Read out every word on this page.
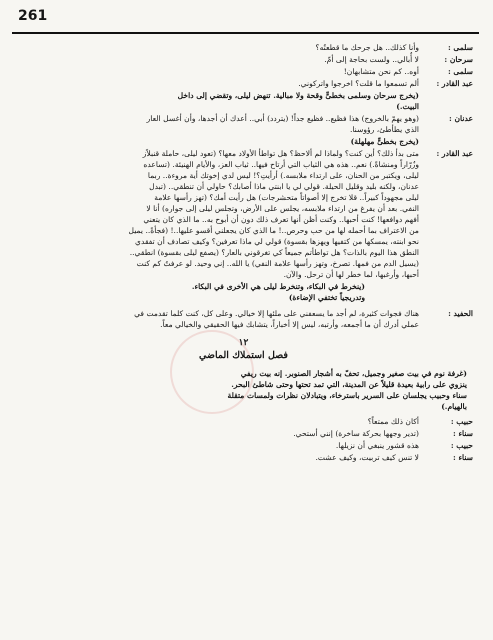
261
سلمى :

وأنا كذلك.. هل جرحك ما قطعتُه؟

سرحان :

لا أُبالي.. ولست بحاجة إلى أمّ.

سلمى :

أوه.. كم نحن متشابهان!

عبد القادر :

ألم تسمعوا ما قلت؟ اخرجوا واتركوني.

(يخرج سرحان وسلمى بخطىٍّ وقحة ولا مبالية. تنهض ليلى، وتقضي إلى داخل

البيت.)

عدنان :

(وهو يهمّ بالخروج) هذا فظيع.. فظيع جداً! (يتردد) أبي.. أعدك أن أجدها، وأن أغسل العار

الذي يطأطئ، رؤوسنا.

(يخرج بخطىٍّ مهلهلة)
عبد القادر :

متى بدأ ذلك؟ أين كنت؟ ولماذا لم ألاحظ؟ هل تواطأ الأولاد معها؟ (تعود ليلى، حاملة قنبلاًز

وزُرّاراً ومنشاةً.) نعم.. هذه هي الثياب التي أرتاح فيها.. ثياب العز، والأيام الهنيئة. (تساعده

ليلى، ويكتبر من الحنان، على ارتداء ملابسه.) أرأيتِ؟! ليس لدي إخوتك أية مروءة.. ربما

عدنان، ولكنه بليد وقليل الحيلة. قولي لي يا ابنتي ماذا أصابك؟ حاولي أن تنطقي.. (تبدل

ليلى مجهوداً كبيراً.. قلا تخرج إلا أصواتاً متحشرجات) هل رأيت أمك؟ (تهز رأسها علامة

النفي. بعد أن يفرغ من ارتداء ملابسه، يجلس على الأرض، وتجلس ليلى إلى جواره) أنا لا

أفهم دوافعها! كنت أحبها.. وكنت أظن أنها تعرف ذلك دون أن أبوح به.. ما الذي كان يتعني

من الاعتراف بما أحمله لها من حب وحرص..! ما الذي كان يجعلني أقسو عليها..! (فجأةً.. يميل

نحو ابنته، يمسكها من كتفيها ويهزها بقسوة) قولي لي ماذا تعرفين؟ وكيف تصادف أن تفقدي

النطق هذا اليوم بالذات؟ هل تواطأتم جميعاً كي تغرقوني بالعار؟ (يصفع ليلى بقسوة) انطقي..

(يسيل الدم من فمها. تصرخ، وتهز رأسها علامة النفي) يا الله.. إني وحيد. لو عرفتُ كم كنت

أحبها، وأرغبها، لما خطر لها أن ترحل. والآن.

(ينخرط في البكاء، وتنخرط ليلى هي الأخرى في البكاء.

وتدريجياً تختفي الإضاءة)

الحفيد :

هناك فجوات كثيرة، لم أجد ما يسعفني على ملئها إلا خيالي. وعلى كل، كنت كلما تقدمت في

عملي أدرك أن ما أجمعه، وأرتبه، ليس إلا أخباراً، يتشابك فيها الحقيقي والخيالي معاً.

١٢
فصل استملاك الماضي

(غرفة نوم في بيت صغير وجميل، تحفّ به أشجار الصنوبر. إنه بيت ريفي

ينزوي على رابية بعيدة قليلاً عن المدينة، التي تمد تحتها وحتى شاطئ البحر.

سناء وحبيب يجلسان على السرير باسترخاء، ويتبادلان نظرات ولمسات متقلة

بالهيام.)

حبيب :

أكان ذلك ممتعاً؟

سناء :

(تدير وجهها بحركة ساخرة) إنني أستحي.

حبيب :

هذه قشور ينبغي أن نزيلها.

سناء :

لا تنس كيف تربيت، وكيف عشت.
